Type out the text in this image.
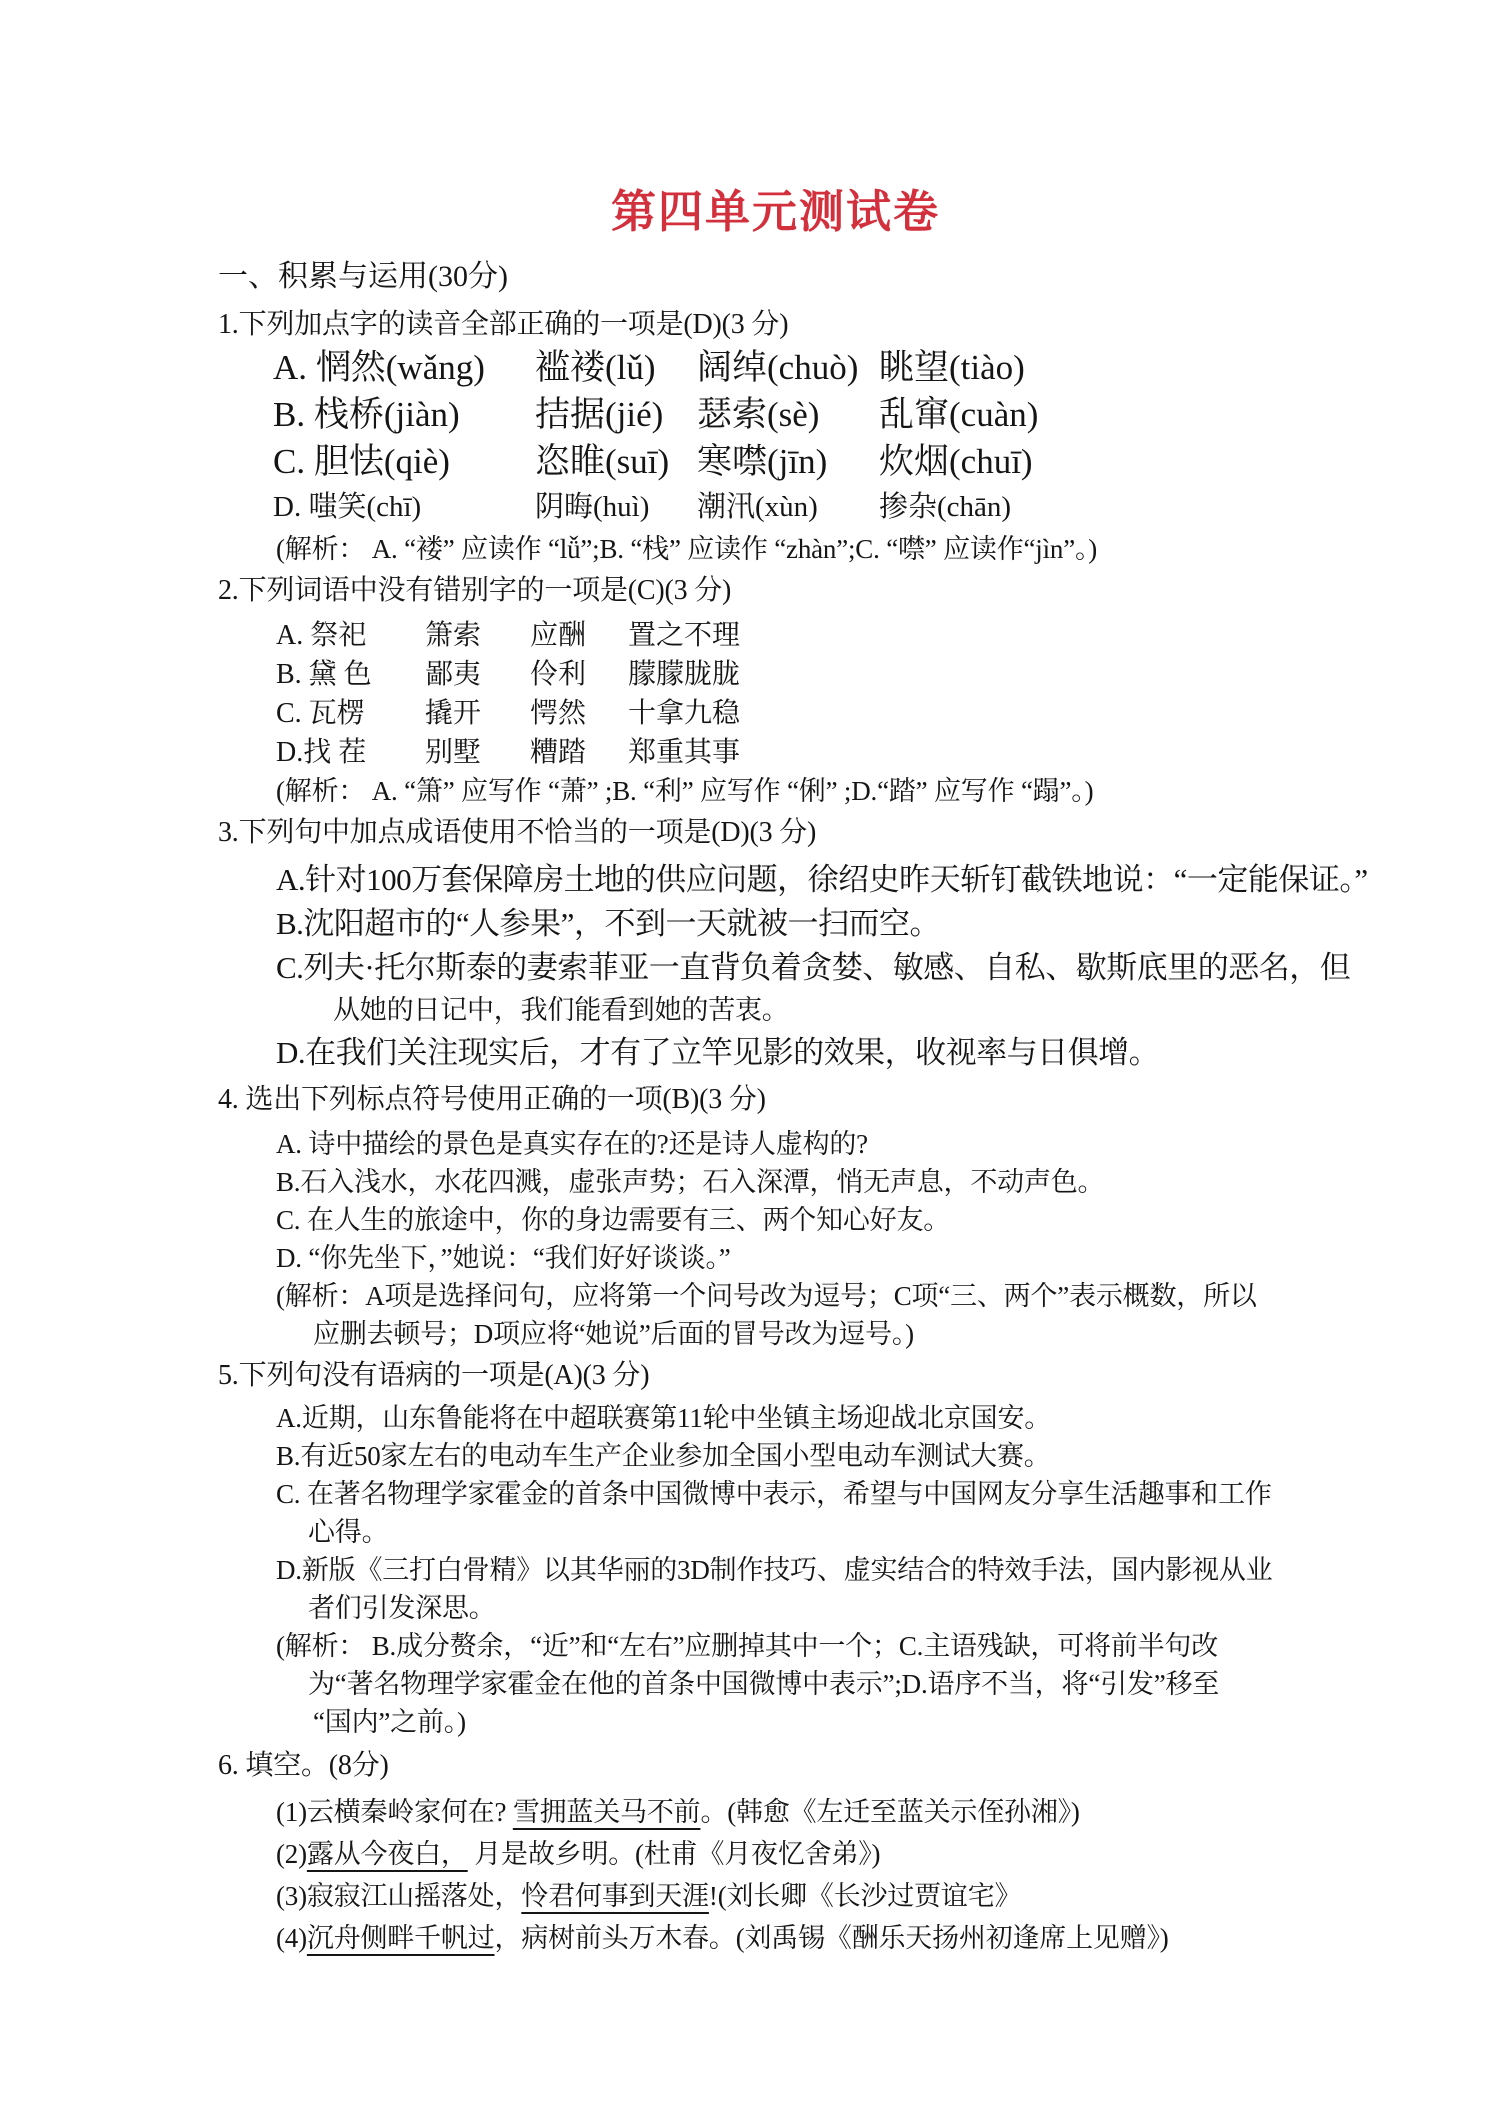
第四单元测试卷
一、积累与运用(30分)
1.下列加点字的读音全部正确的一项是(D)(3 分)
A. 惘然(wǎng)	褴褛(lǔ)	阔绰(chuò) 眺望(tiào)
B. 栈桥(jiàn)	拮据(jié) 瑟索(sè)	乱窜(cuàn)
C. 胆怯(qiè)	恣睢(suī) 寒噤(jīn)	炊烟(chuī)
D. 嗤笑(chī)	阴晦(huì)	潮汛(xùn)	掺杂(chān)
(解析： A. “褛” 应读作 “lǚ”;B. “栈” 应读作 “zhàn”;C. “噤” 应读作“jìn”。)
2.下列词语中没有错别字的一项是(C)(3 分)
A. 祭祀	箫索	应酬	置之不理
B. 黛 色	鄙夷	伶利	朦朦胧胧
C. 瓦楞	撬开	愕然	十拿九稳
D.找 茬	别墅	糟踏	郑重其事
(解析： A. “箫” 应写作 “萧” ;B. “利” 应写作 “俐” ;D.“踏” 应写作 “蹋”。)
3.下列句中加点成语使用不恰当的一项是(D)(3 分)
A.针对100万套保障房土地的供应问题，徐绍史昨天斩钉截铁地说：“一定能保证。”
B.沈阳超市的“人参果”，不到一天就被一扫而空。
C.列夫·托尔斯泰的妻索菲亚一直背负着贪婪、敏感、自私、歇斯底里的恶名，但
从她的日记中，我们能看到她的苦衷。
D.在我们关注现实后，才有了立竿见影的效果，收视率与日俱增。
4. 选出下列标点符号使用正确的一项(B)(3 分)
A. 诗中描绘的景色是真实存在的?还是诗人虚构的?
B.石入浅水，水花四溅，虚张声势；石入深潭，悄无声息，不动声色。
C. 在人生的旅途中，你的身边需要有三、两个知心好友。
D. “你先坐下，”她说：“我们好好谈谈。”
(解析：A项是选择问句，应将第一个问号改为逗号；C项“三、两个”表示概数，所以
应删去顿号；D项应将“她说”后面的冒号改为逗号。)
5.下列句没有语病的一项是(A)(3 分)
A.近期，山东鲁能将在中超联赛第11轮中坐镇主场迎战北京国安。
B.有近50家左右的电动车生产企业参加全国小型电动车测试大赛。
C. 在著名物理学家霍金的首条中国微博中表示，希望与中国网友分享生活趣事和工作
心得。
D.新版《三打白骨精》以其华丽的3D制作技巧、虚实结合的特效手法，国内影视从业
者们引发深思。
(解析： B.成分赘余，“近”和“左右”应删掉其中一个；C.主语残缺，可将前半句改
为“著名物理学家霍金在他的首条中国微博中表示”;D.语序不当，将“引发”移至
“国内”之前。)
6. 填空。(8分)
(1)云横秦岭家何在? 雪拥蓝关马不前。(韩愈《左迁至蓝关示侄孙湘》)
(2)露从今夜白， 月是故乡明。(杜甫《月夜忆舍弟》)
(3)寂寂江山摇落处，怜君何事到天涯!(刘长卿《长沙过贾谊宅》
(4)沉舟侧畔千帆过，病树前头万木春。(刘禹锡《酬乐天扬州初逢席上见赠》)
